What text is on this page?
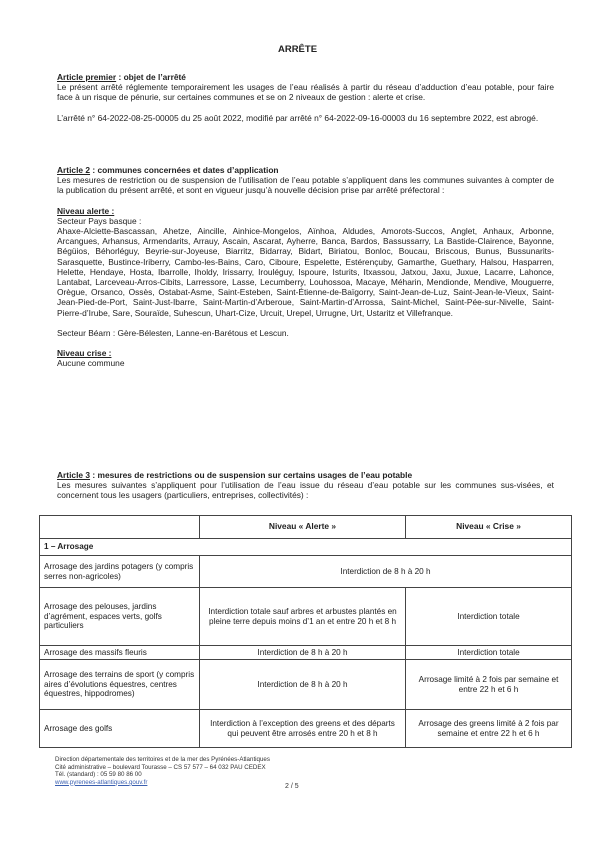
ARRÊTE
Article premier : objet de l’arrêté
Le présent arrêté réglemente temporairement les usages de l’eau réalisés à partir du réseau d’adduction d’eau potable, pour faire face à un risque de pénurie, sur certaines communes et se on 2 niveaux de gestion : alerte et crise.
L’arrêté n° 64-2022-08-25-00005 du 25 août 2022, modifié par arrêté n° 64-2022-09-16-00003 du 16 septembre 2022, est abrogé.
Article 2 : communes concernées et dates d’application
Les mesures de restriction ou de suspension de l’utilisation de l’eau potable s’appliquent dans les communes suivantes à compter de la publication du présent arrêté, et sont en vigueur jusqu’à nouvelle décision prise par arrêté préfectoral :
Niveau alerte :
Secteur Pays basque :
Ahaxe-Alciette-Bascassan, Ahetze, Aincille, Ainhice-Mongelos, Aïnhoa, Aldudes, Amorots-Succos, Anglet, Anhaux, Arbonne, Arcangues, Arhansus, Armendarits, Arrauy, Ascain, Ascarat, Ayherre, Banca, Bardos, Bassussarry, La Bastide-Clairence, Bayonne, Bégüios, Béhorléguy, Beyrie-sur-Joyeuse, Biarritz, Bidarray, Bidart, Biriatou, Bonloc, Boucau, Briscous, Bunus, Bussunarits-Sarasquette, Bustince-Iriberry, Cambo-les-Bains, Caro, Ciboure, Espelette, Estérençuby, Gamarthe, Guethary, Halsou, Hasparren, Helette, Hendaye, Hosta, Ibarrolle, Iholdy, Irissarry, Irouléguy, Ispoure, Isturits, Itxassou, Jatxou, Jaxu, Juxue, Lacarre, Lahonce, Lantabat, Larceveau-Arros-Cibits, Larressore, Lasse, Lecumberry, Louhossoa, Macaye, Méharin, Mendionde, Mendive, Mouguerre, Orègue, Orsanco, Ossès, Ostabat-Asme, Saint-Esteben, Saint-Étienne-de-Baïgorry, Saint-Jean-de-Luz, Saint-Jean-le-Vieux, Saint-Jean-Pied-de-Port, Saint-Just-Ibarre, Saint-Martin-d’Arberoue, Saint-Martin-d’Arrossa, Saint-Michel, Saint-Pée-sur-Nivelle, Saint-Pierre-d’Irube, Sare, Souraïde, Suhescun, Uhart-Cize, Urcuit, Urepel, Urrugne, Urt, Ustaritz et Villefranque.
Secteur Béarn : Gère-Bélesten, Lanne-en-Barétous et Lescun.
Niveau crise :
Aucune commune
Article 3 : mesures de restrictions ou de suspension sur certains usages de l’eau potable
Les mesures suivantes s’appliquent pour l’utilisation de l’eau issue du réseau d’eau potable sur les communes sus-visées, et concernent tous les usagers (particuliers, entreprises, collectivités) :
	Niveau « Alerte »	Niveau « Crise »
1 – Arrosage		
Arrosage des jardins potagers (y compris serres non-agricoles)	Interdiction de 8 h à 20 h	
Arrosage des pelouses, jardins d’agrément, espaces verts, golfs particuliers	Interdiction totale sauf arbres et arbustes plantés en pleine terre depuis moins d’1 an et entre 20 h et 8 h	Interdiction totale
Arrosage des massifs fleuris	Interdiction de 8 h à 20 h	Interdiction totale
Arrosage des terrains de sport (y compris aires d’évolutions équestres, centres équestres, hippodromes)	Interdiction de 8 h à 20 h	Arrosage limité à 2 fois par semaine et entre 22 h et 6 h
Arrosage des golfs	Interdiction à l’exception des greens et des départs qui peuvent être arrosés entre 20 h et 8 h	Arrosage des greens limité à 2 fois par semaine et entre 22 h et 6 h
Direction départementale des territoires et de la mer des Pyrénées-Atlantiques
Cité administrative – boulevard Tourasse – CS 57 577 – 64 032 PAU CEDEX
Tél. (standard) : 05 59 80 86 00
www.pyrenees-atlantiques.gouv.fr
2 / 5
